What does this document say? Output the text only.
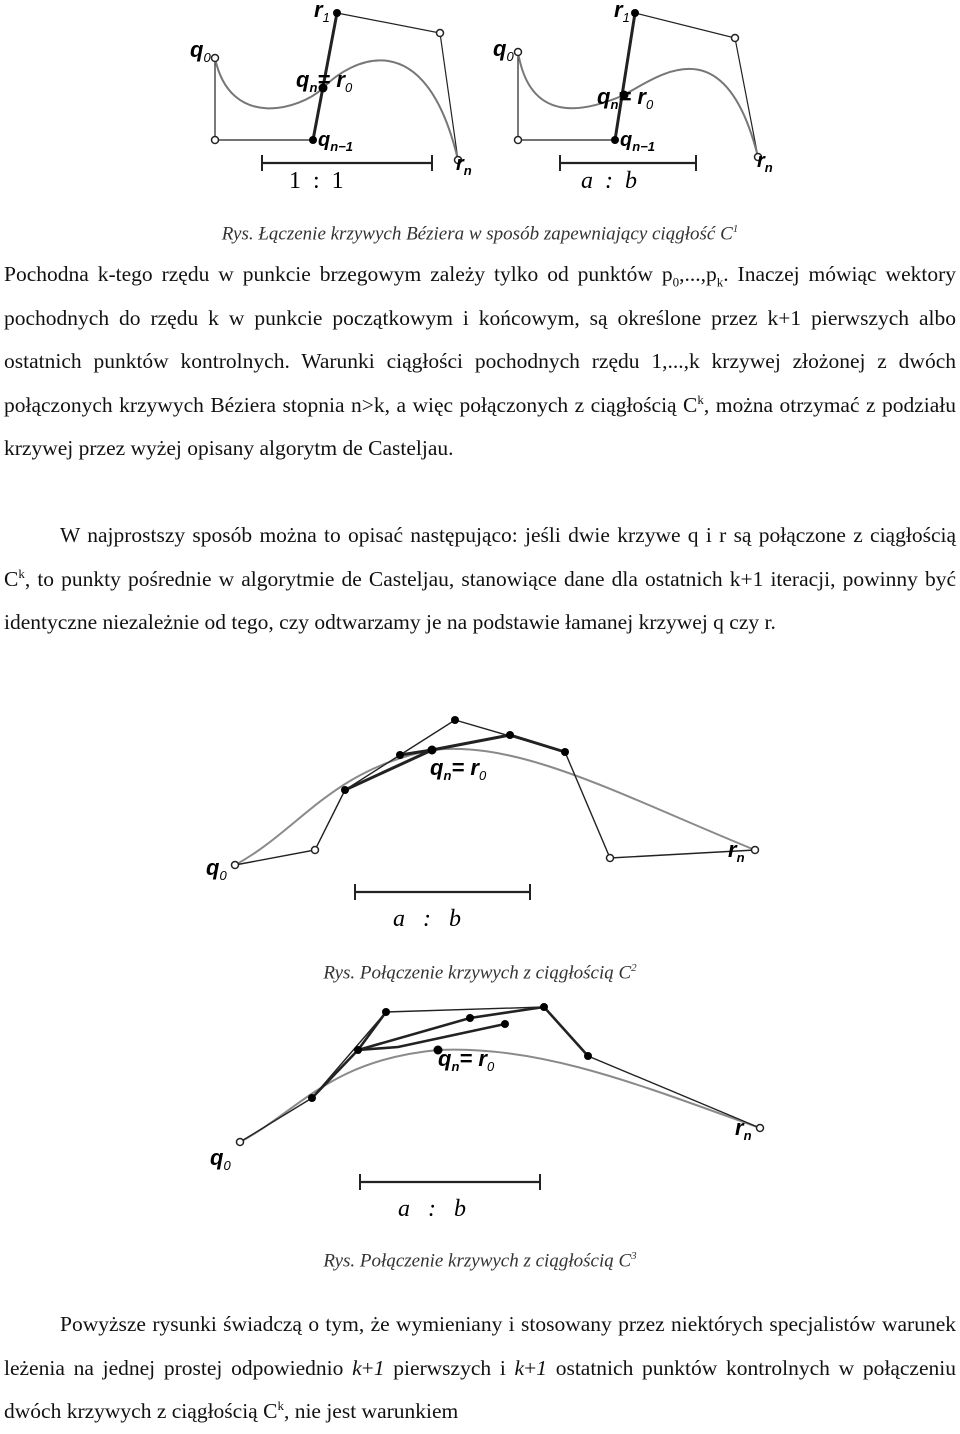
$q_0$
$r_1$
$q_n= r_0$
$q_{n-1}$
$r_n$
1  :  1
$q_0$
$r_1$
$q_n= r_0$
$q_{n-1}$
$r_n$
a  :  b
Rys. Łączenie krzywych Béziera w sposób zapewniający ciągłość $C^1$
Pochodna k-tego rzędu w punkcie brzegowym zależy tylko od punktów $p_0,...,p_k$. Inaczej mówiąc wektory pochodnych do rzędu k w punkcie początkowym i końcowym, są określone przez k+1 pierwszych albo ostatnich punktów kontrolnych. Warunki ciągłości pochodnych rzędu 1,...,k krzywej złożonej z dwóch połączonych krzywych Béziera stopnia n>k, a więc połączonych z ciągłością $C^k$, można otrzymać z podziału krzywej przez wyżej opisany algorytm de Casteljau.
W najprostszy sposób można to opisać następująco: jeśli dwie krzywe q i r są połączone z ciągłością $C^k$, to punkty pośrednie w algorytmie de Casteljau, stanowiące dane dla ostatnich k+1 iteracji, powinny być identyczne niezależnie od tego, czy odtwarzamy je na podstawie łamanej krzywej q czy r.
$q_0$
$q_n= r_0$
$r_n$
a   :   b
Rys. Połączenie krzywych z ciągłością $C^2$
$q_0$
$q_n= r_0$
$r_n$
a   :   b
Rys. Połączenie krzywych z ciągłością $C^3$
Powyższe rysunki świadczą o tym, że wymieniany i stosowany przez niektórych specjalistów warunek leżenia na jednej prostej odpowiednio k+1 pierwszych i k+1 ostatnich punktów kontrolnych w połączeniu dwóch krzywych z ciągłością $C^k$, nie jest warunkiem
